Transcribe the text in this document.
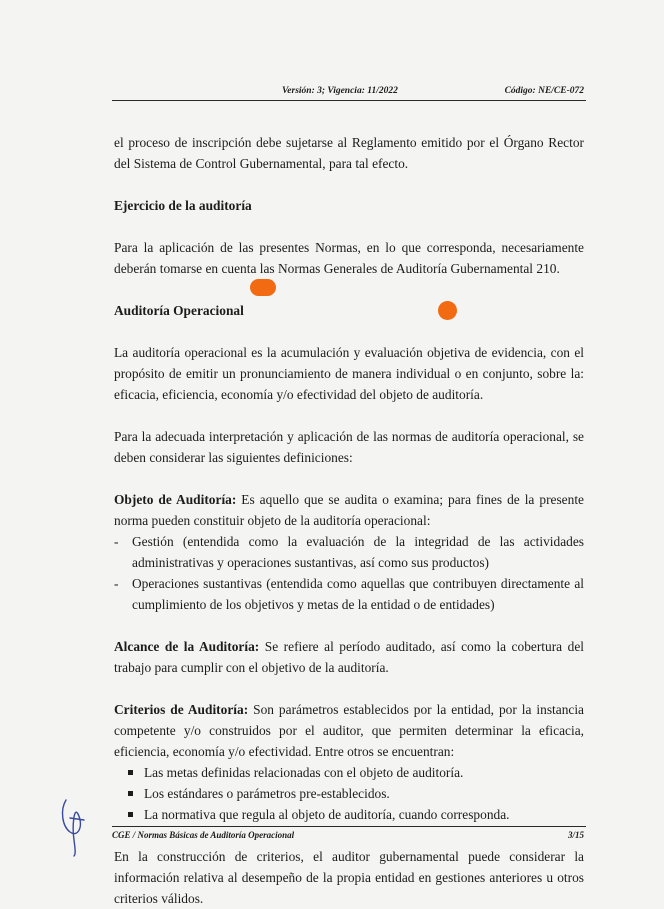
Versión: 3; Vigencia: 11/2022	Código: NE/CE-072

el proceso de inscripción debe sujetarse al Reglamento emitido por el Órgano Rector del Sistema de Control Gubernamental, para tal efecto.

Ejercicio de la auditoría

Para la aplicación de las presentes Normas, en lo que corresponda, necesariamente deberán tomarse en cuenta las Normas Generales de Auditoría Gubernamental 210.

Auditoría Operacional

La auditoría operacional es la acumulación y evaluación objetiva de evidencia, con el propósito de emitir un pronunciamiento de manera individual o en conjunto, sobre la: eficacia, eficiencia, economía y/o efectividad del objeto de auditoría.

Para la adecuada interpretación y aplicación de las normas de auditoría operacional, se deben considerar las siguientes definiciones:

Objeto de Auditoría: Es aquello que se audita o examina; para fines de la presente norma pueden constituir objeto de la auditoría operacional:

- Gestión (entendida como la evaluación de la integridad de las actividades administrativas y operaciones sustantivas, así como sus productos)
- Operaciones sustantivas (entendida como aquellas que contribuyen directamente al cumplimiento de los objetivos y metas de la entidad o de entidades)

Alcance de la Auditoría: Se refiere al período auditado, así como la cobertura del trabajo para cumplir con el objetivo de la auditoría.

Criterios de Auditoría: Son parámetros establecidos por la entidad, por la instancia competente y/o construidos por el auditor, que permiten determinar la eficacia, eficiencia, economía y/o efectividad. Entre otros se encuentran:

Las metas definidas relacionadas con el objeto de auditoría.
Los estándares o parámetros pre-establecidos.
La normativa que regula al objeto de auditoría, cuando corresponda.

En la construcción de criterios, el auditor gubernamental puede considerar la información relativa al desempeño de la propia entidad en gestiones anteriores u otros criterios válidos.

CGE / Normas Básicas de Auditoría Operacional	3/15
